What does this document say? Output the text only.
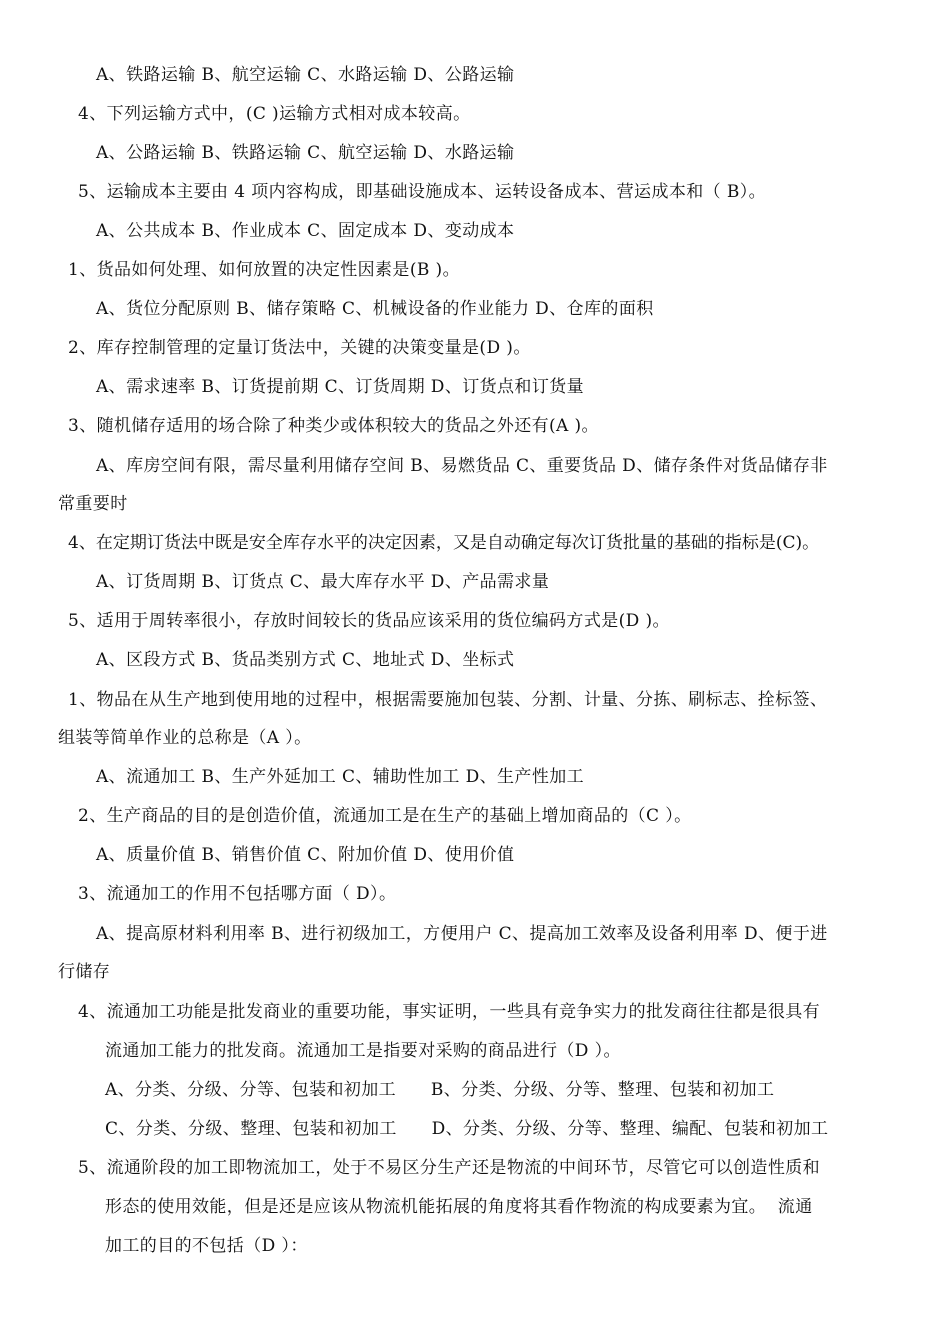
A、铁路运输 B、航空运输 C、水路运输 D、公路运输

4、下列运输方式中，(C )运输方式相对成本较高。

A、公路运输 B、铁路运输 C、航空运输 D、水路运输

5、运输成本主要由 4 项内容构成，即基础设施成本、运转设备成本、营运成本和（ B）。

A、公共成本 B、作业成本 C、固定成本 D、变动成本

1、货品如何处理、如何放置的决定性因素是(B )。

A、货位分配原则 B、储存策略 C、机械设备的作业能力 D、仓库的面积

2、库存控制管理的定量订货法中，关键的决策变量是(D )。

A、需求速率 B、订货提前期 C、订货周期 D、订货点和订货量

3、随机储存适用的场合除了种类少或体积较大的货品之外还有(A )。

A、库房空间有限，需尽量利用储存空间 B、易燃货品 C、重要货品 D、储存条件对货品储存非

常重要时

4、在定期订货法中既是安全库存水平的决定因素，又是自动确定每次订货批量的基础的指标是(C)。

A、订货周期 B、订货点 C、最大库存水平 D、产品需求量

5、适用于周转率很小，存放时间较长的货品应该采用的货位编码方式是(D )。

A、区段方式 B、货品类别方式 C、地址式 D、坐标式

1、物品在从生产地到使用地的过程中，根据需要施加包装、分割、计量、分拣、刷标志、拴标签、

组装等简单作业的总称是（A ）。

A、流通加工 B、生产外延加工 C、辅助性加工 D、生产性加工

2、生产商品的目的是创造价值，流通加工是在生产的基础上增加商品的（C ）。

A、质量价值 B、销售价值 C、附加价值 D、使用价值

3、流通加工的作用不包括哪方面（ D）。

A、提高原材料利用率 B、进行初级加工，方便用户 C、提高加工效率及设备利用率 D、便于进

行储存

4、流通加工功能是批发商业的重要功能，事实证明，一些具有竞争实力的批发商往往都是很具有

流通加工能力的批发商。流通加工是指要对采购的商品进行（D ）。

A、分类、分级、分等、包装和初加工      B、分类、分级、分等、整理、包装和初加工

C、分类、分级、整理、包装和初加工      D、分类、分级、分等、整理、编配、包装和初加工

5、流通阶段的加工即物流加工，处于不易区分生产还是物流的中间环节，尽管它可以创造性质和

形态的使用效能，但是还是应该从物流机能拓展的角度将其看作物流的构成要素为宜。  流通

加工的目的不包括（D ）：
